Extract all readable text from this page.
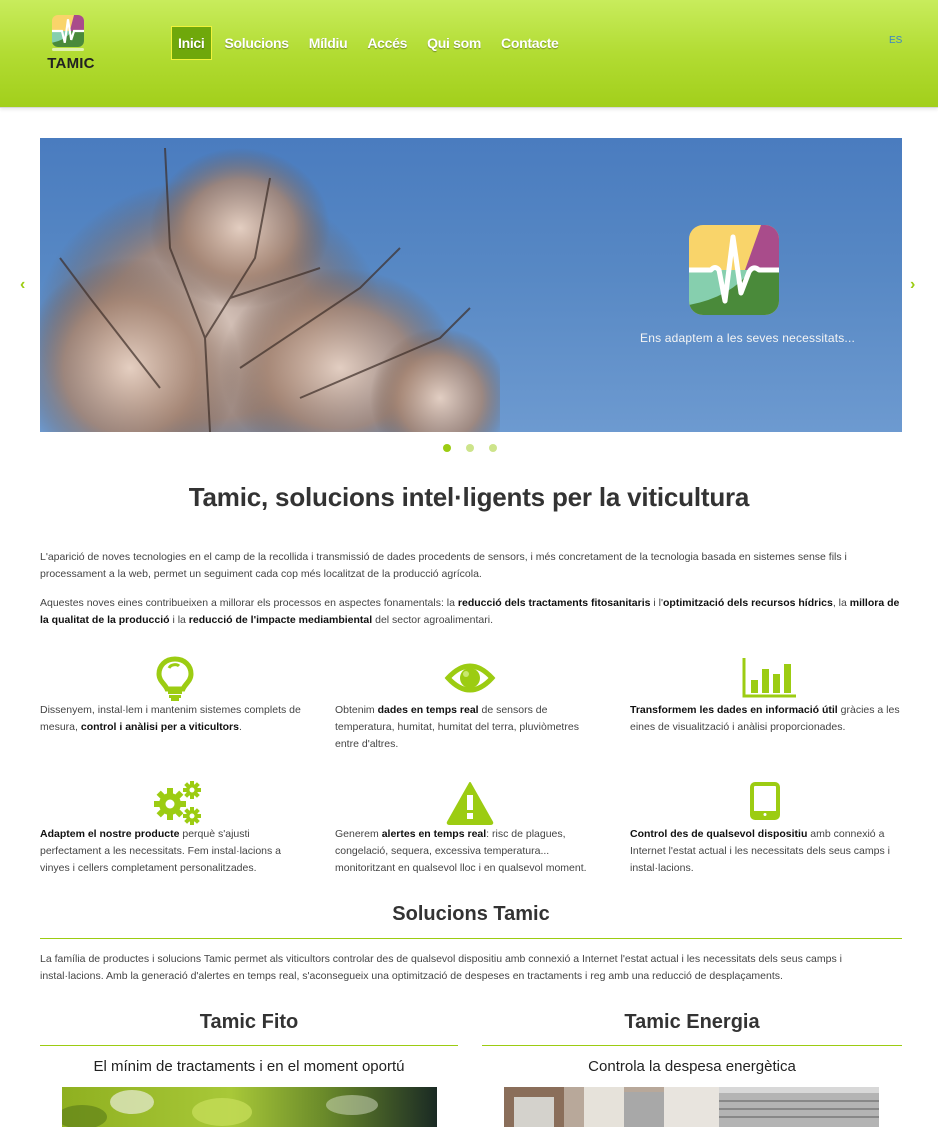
TAMIC
Inici	Solucions	Míldiu	Accés	Qui som	Contacte	ES
‹
Ens adaptem a les seves necessitats...
›
Tamic, solucions intel·ligents per la viticultura

L'aparició de noves tecnologies en el camp de la recollida i transmissió de dades procedents de sensors, i més concretament de la tecnologia basada en sistemes sense fils i processament a la web, permet un seguiment cada cop més localitzat de la producció agrícola.

Aquestes noves eines contribueixen a millorar els processos en aspectes fonamentals: la reducció dels tractaments fitosanitaris i l'optimització dels recursos hídrics, la millora de la qualitat de la producció i la reducció de l'impacte mediambiental del sector agroalimentari.

Dissenyem, instal·lem i mantenim sistemes complets de mesura, control i anàlisi per a viticultors.
Obtenim dades en temps real de sensors de temperatura, humitat, humitat del terra, pluviòmetres entre d'altres.
Transformem les dades en informació útil gràcies a les eines de visualització i anàlisi proporcionades.
Adaptem el nostre producte perquè s'ajusti perfectament a les necessitats. Fem instal·lacions a vinyes i cellers completament personalitzades.
Generem alertes en temps real: risc de plagues, congelació, sequera, excessiva temperatura... monitoritzant en qualsevol lloc i en qualsevol moment.
Control des de qualsevol dispositiu amb connexió a Internet l'estat actual i les necessitats dels seus camps i instal·lacions.
Solucions Tamic

La família de productes i solucions Tamic permet als viticultors controlar des de qualsevol dispositiu amb connexió a Internet l'estat actual i les necessitats dels seus camps i instal·lacions. Amb la generació d'alertes en temps real, s'aconsegueix una optimització de despeses en tractaments i reg amb una reducció de desplaçaments.

Tamic Fito
El mínim de tractaments i en el moment oportú
Tamic Energia
Controla la despesa energètica
